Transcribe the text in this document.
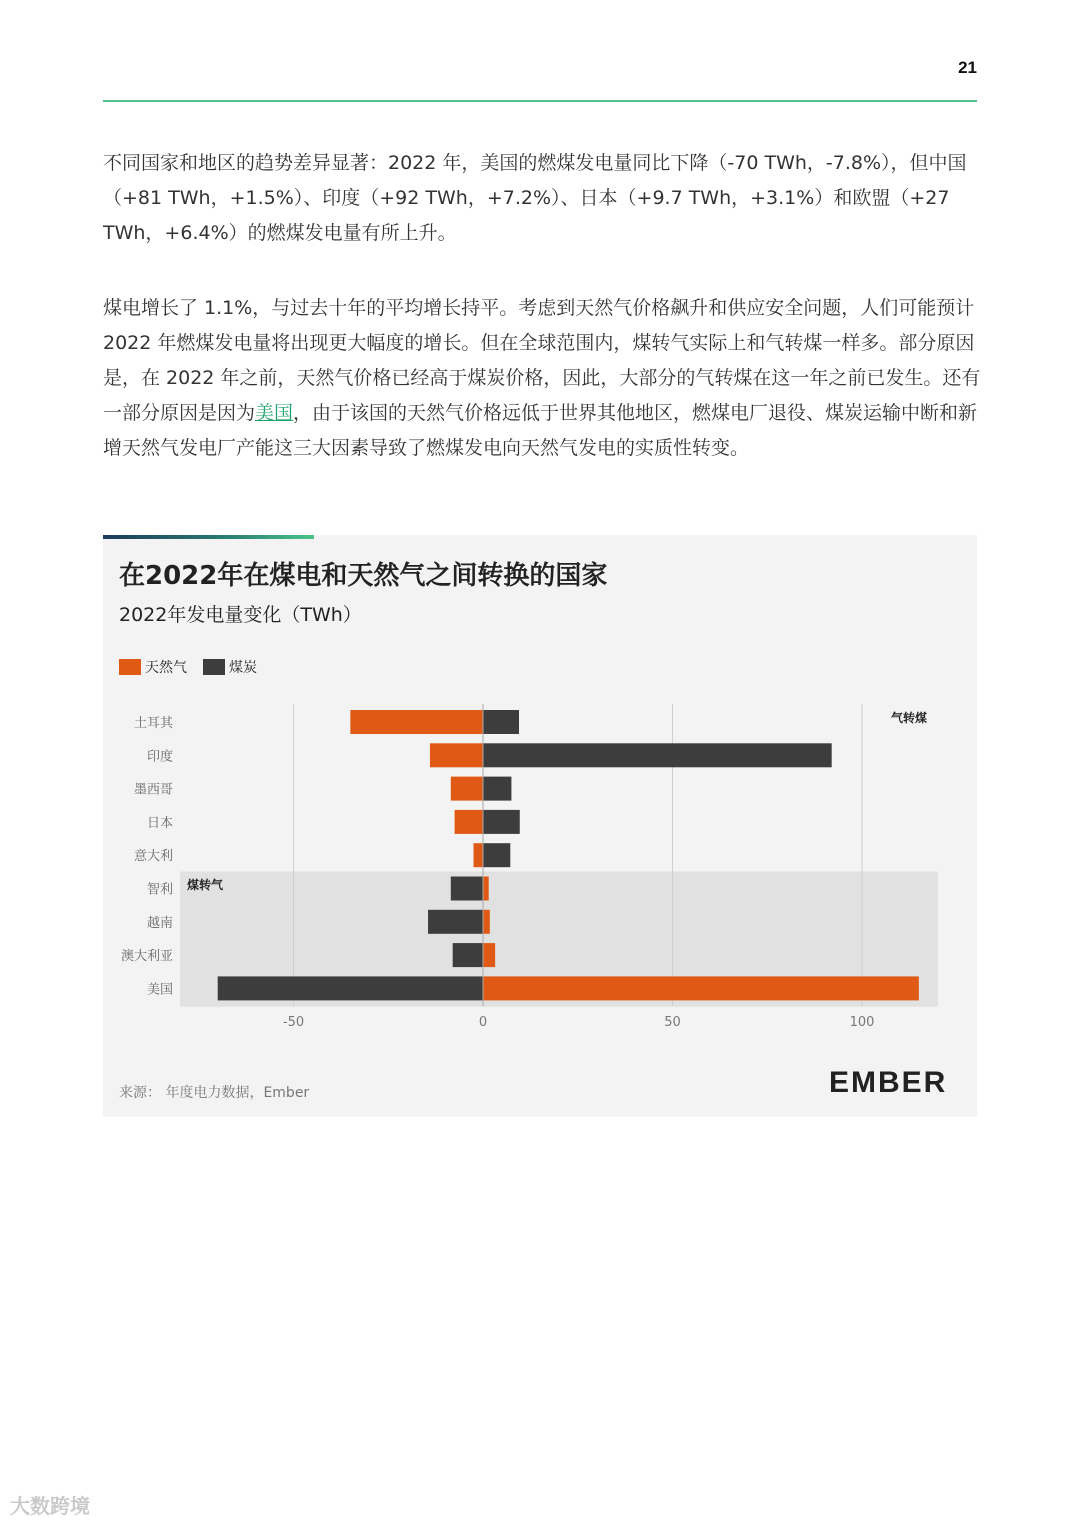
21

不同国家和地区的趋势差异显著：2022 年，美国的燃煤发电量同比下降（-70 TWh，-7.8%），但中国（+81 TWh，+1.5%）、印度（+92 TWh，+7.2%）、日本（+9.7 TWh，+3.1%）和欧盟（+27 TWh，+6.4%）的燃煤发电量有所上升。

煤电增长了 1.1%，与过去十年的平均增长持平。考虑到天然气价格飙升和供应安全问题，人们可能预计 2022 年燃煤发电量将出现更大幅度的增长。但在全球范围内，煤转气实际上和气转煤一样多。部分原因是，在 2022 年之前，天然气价格已经高于煤炭价格，因此，大部分的气转煤在这一年之前已发生。还有一部分原因是因为美国，由于该国的天然气价格远低于世界其他地区，燃煤电厂退役、煤炭运输中断和新增天然气发电厂产能这三大因素导致了燃煤发电向天然气发电的实质性转变。

在2022年在煤电和天然气之间转换的国家
2022年发电量变化（TWh）
天然气	煤炭
土耳其
印度
墨西哥
日本
意大利
智利
越南
澳大利亚
美国
-50	0	50	100
气转煤
煤转气
来源： 年度电力数据，Ember	EMBER
大数跨境
